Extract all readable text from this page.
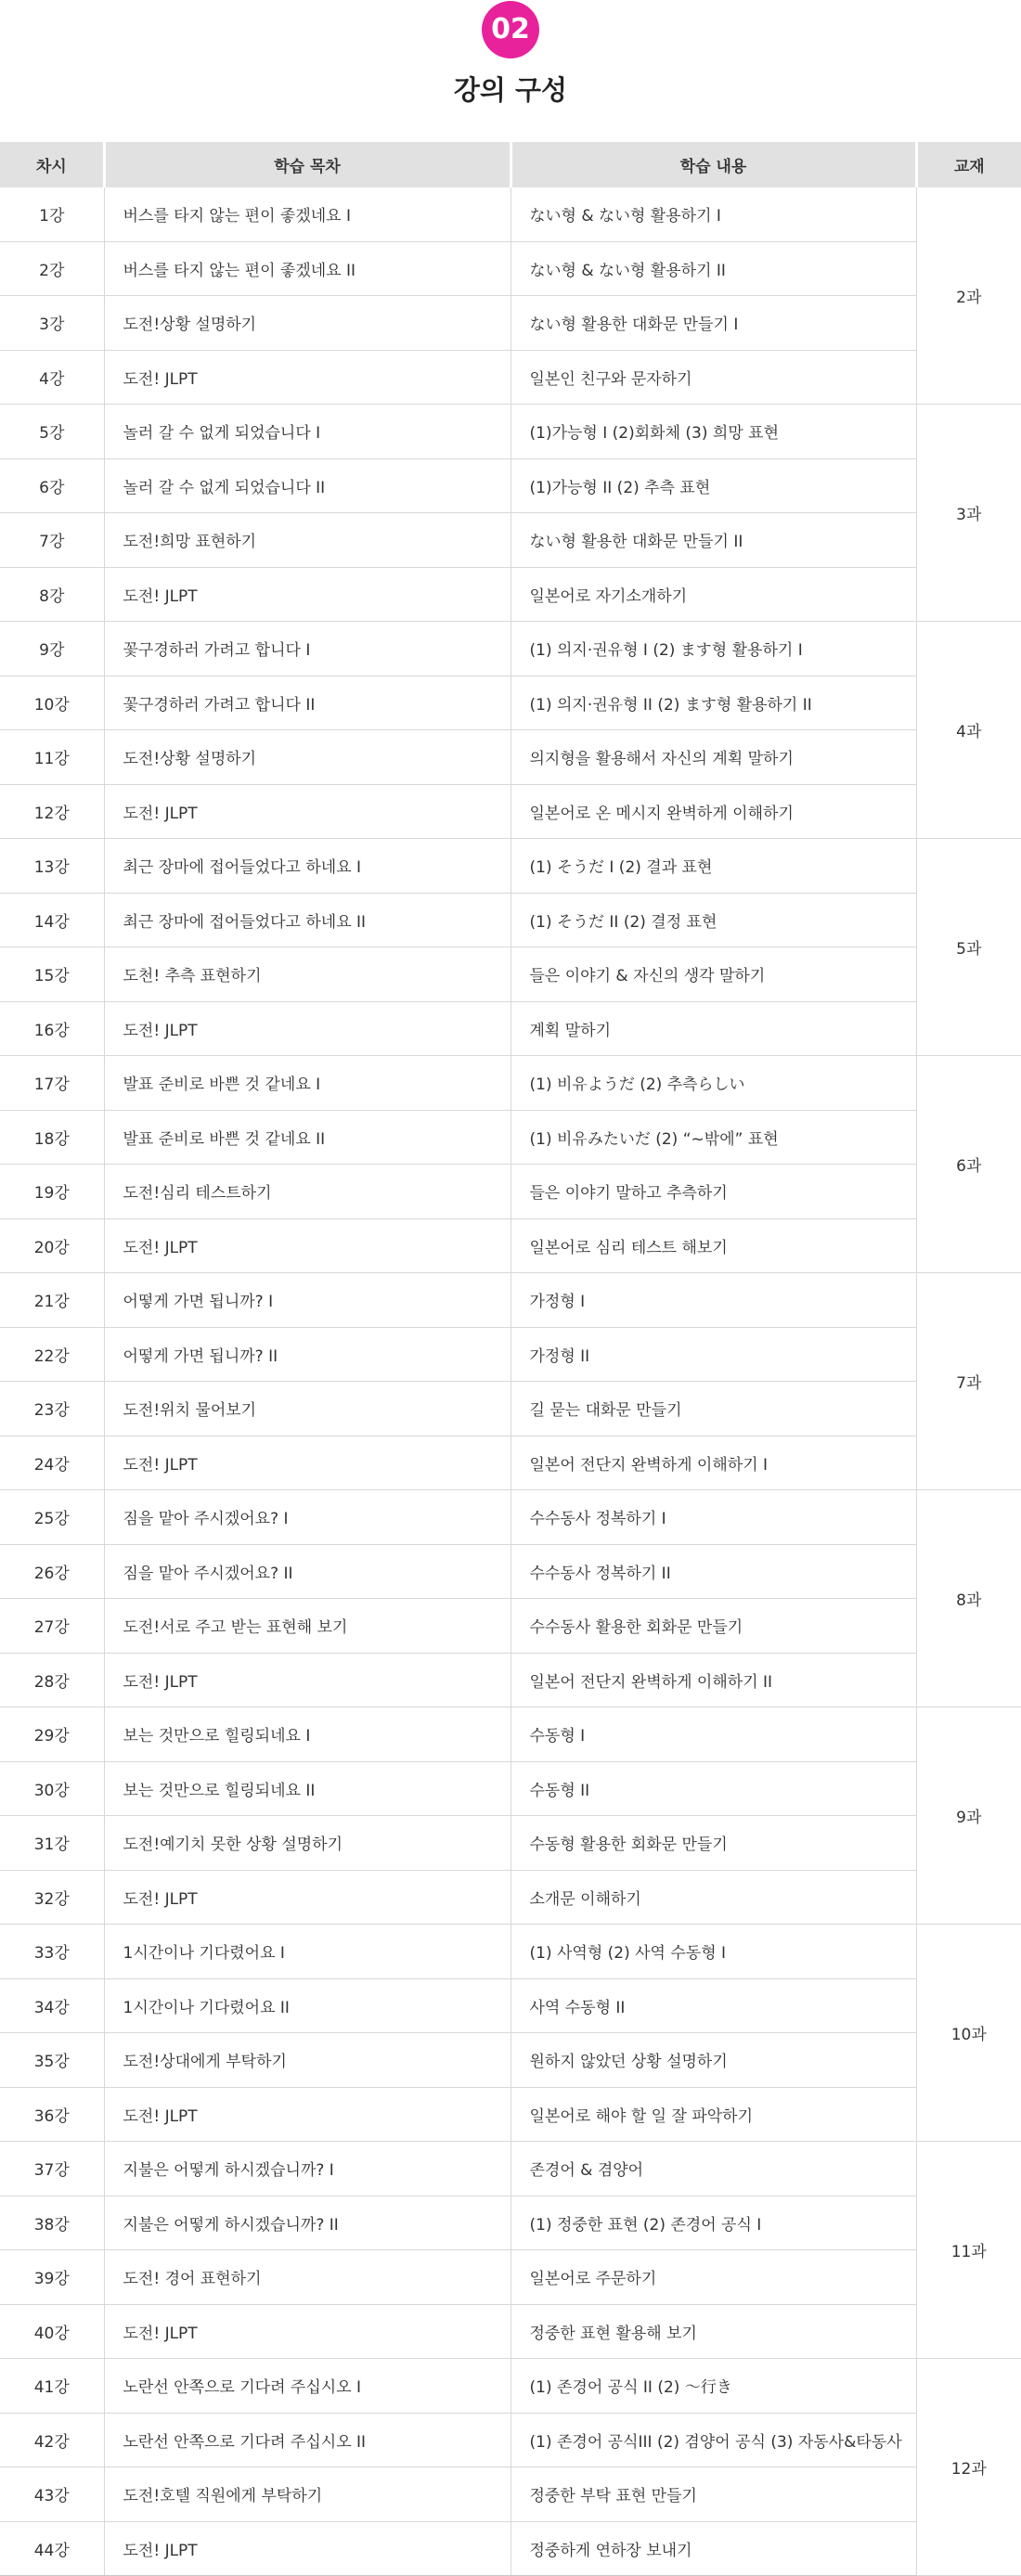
02
강의 구성
차시	학습 목차	학습 내용	교재
1강	버스를 타지 않는 편이 좋겠네요 I	ない형 & ない형 활용하기 I	2과
2강	버스를 타지 않는 편이 좋겠네요 II	ない형 & ない형 활용하기 II	
3강	도전!상황 설명하기	ない형 활용한 대화문 만들기 I	
4강	도전! JLPT	일본인 친구와 문자하기	
5강	놀러 갈 수 없게 되었습니다 I	(1)가능형 I (2)회화체 (3) 희망 표현	3과
6강	놀러 갈 수 없게 되었습니다 II	(1)가능형 II (2) 추측 표현	
7강	도전!희망 표현하기	ない형 활용한 대화문 만들기 II	
8강	도전! JLPT	일본어로 자기소개하기	
9강	꽃구경하러 가려고 합니다 I	(1) 의지·권유형 I (2) ます형 활용하기 I	4과
10강	꽃구경하러 가려고 합니다 II	(1) 의지·권유형 II (2) ます형 활용하기 II	
11강	도전!상황 설명하기	의지형을 활용해서 자신의 계획 말하기	
12강	도전! JLPT	일본어로 온 메시지 완벽하게 이해하기	
13강	최근 장마에 접어들었다고 하네요 I	(1) そうだ I (2) 결과 표현	5과
14강	최근 장마에 접어들었다고 하네요 II	(1) そうだ II (2) 결정 표현	
15강	도천! 추측 표현하기	들은 이야기 & 자신의 생각 말하기	
16강	도전! JLPT	계획 말하기	
17강	발표 준비로 바쁜 것 같네요 I	(1) 비유ようだ (2) 추측らしい	6과
18강	발표 준비로 바쁜 것 같네요 II	(1) 비유みたいだ (2) “~밖에” 표현	
19강	도전!심리 테스트하기	들은 이야기 말하고 추측하기	
20강	도전! JLPT	일본어로 심리 테스트 해보기	
21강	어떻게 가면 됩니까? I	가정형 I	7과
22강	어떻게 가면 됩니까? II	가정형 II	
23강	도전!위치 물어보기	길 묻는 대화문 만들기	
24강	도전! JLPT	일본어 전단지 완벽하게 이해하기 I	
25강	짐을 맡아 주시겠어요? I	수수동사 정복하기 I	8과
26강	짐을 맡아 주시겠어요? II	수수동사 정복하기 II	
27강	도전!서로 주고 받는 표현해 보기	수수동사 활용한 회화문 만들기	
28강	도전! JLPT	일본어 전단지 완벽하게 이해하기 II	
29강	보는 것만으로 힐링되네요 I	수동형 I	9과
30강	보는 것만으로 힐링되네요 II	수동형 II	
31강	도전!예기치 못한 상황 설명하기	수동형 활용한 회화문 만들기	
32강	도전! JLPT	소개문 이해하기	
33강	1시간이나 기다렸어요 I	(1) 사역형 (2) 사역 수동형 I	10과
34강	1시간이나 기다렸어요 II	사역 수동형 II	
35강	도전!상대에게 부탁하기	원하지 않았던 상황 설명하기	
36강	도전! JLPT	일본어로 해야 할 일 잘 파악하기	
37강	지불은 어떻게 하시겠습니까? I	존경어 & 겸양어	11과
38강	지불은 어떻게 하시겠습니까? II	(1) 정중한 표현 (2) 존경어 공식 I	
39강	도전! 경어 표현하기	일본어로 주문하기	
40강	도전! JLPT	정중한 표현 활용해 보기	
41강	노란선 안쪽으로 기다려 주십시오 I	(1) 존경어 공식 II (2) ～行き	12과
42강	노란선 안쪽으로 기다려 주십시오 II	(1) 존경어 공식III (2) 겸양어 공식 (3) 자동사&타동사	
43강	도전!호텔 직원에게 부탁하기	정중한 부탁 표현 만들기	
44강	도전! JLPT	정중하게 연하장 보내기	
